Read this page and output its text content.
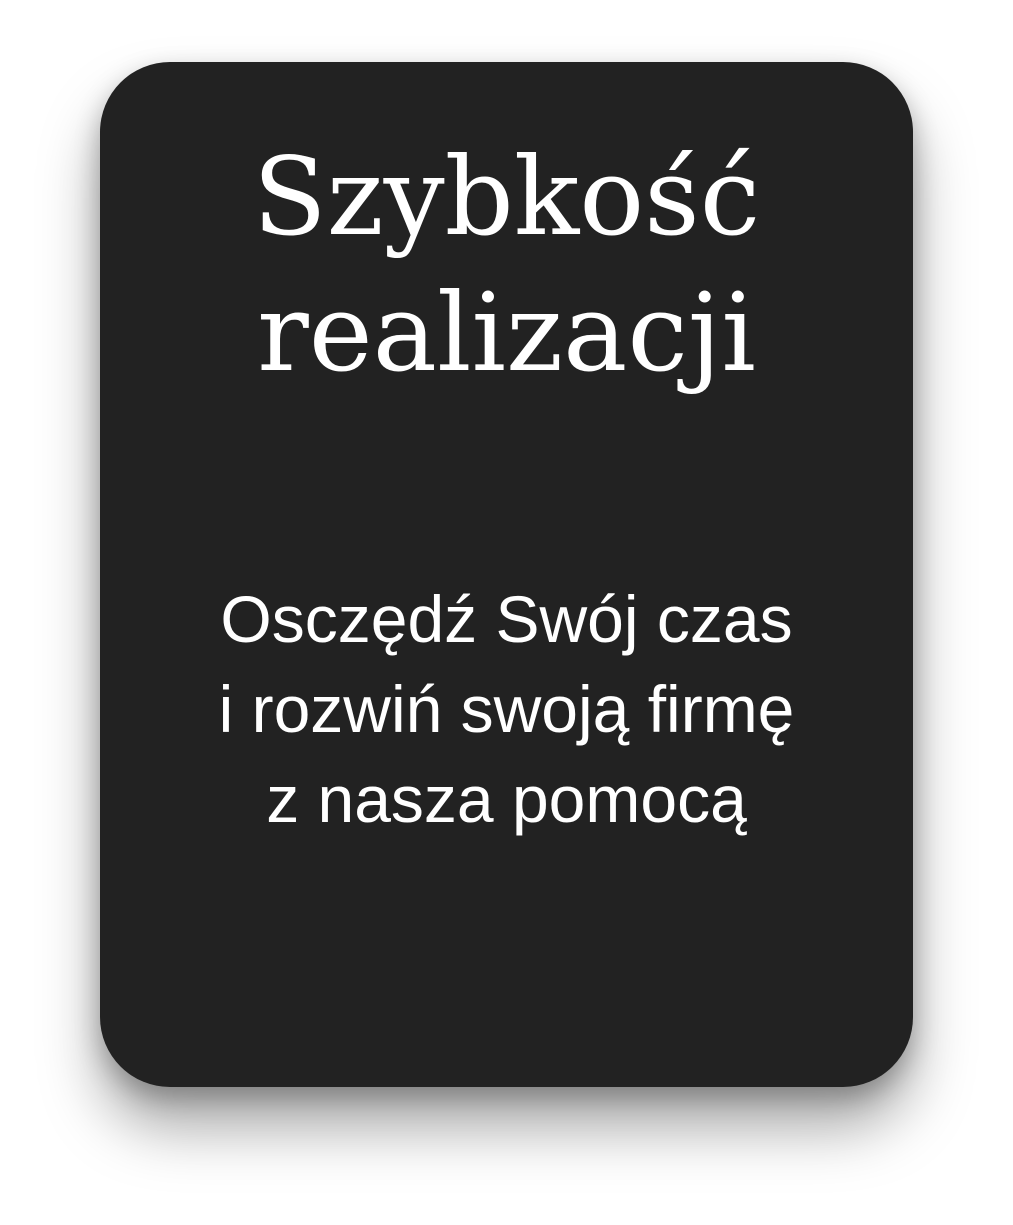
Szybkość
realizacji

Osczędź Swój czas
i rozwiń swoją firmę
z nasza pomocą
